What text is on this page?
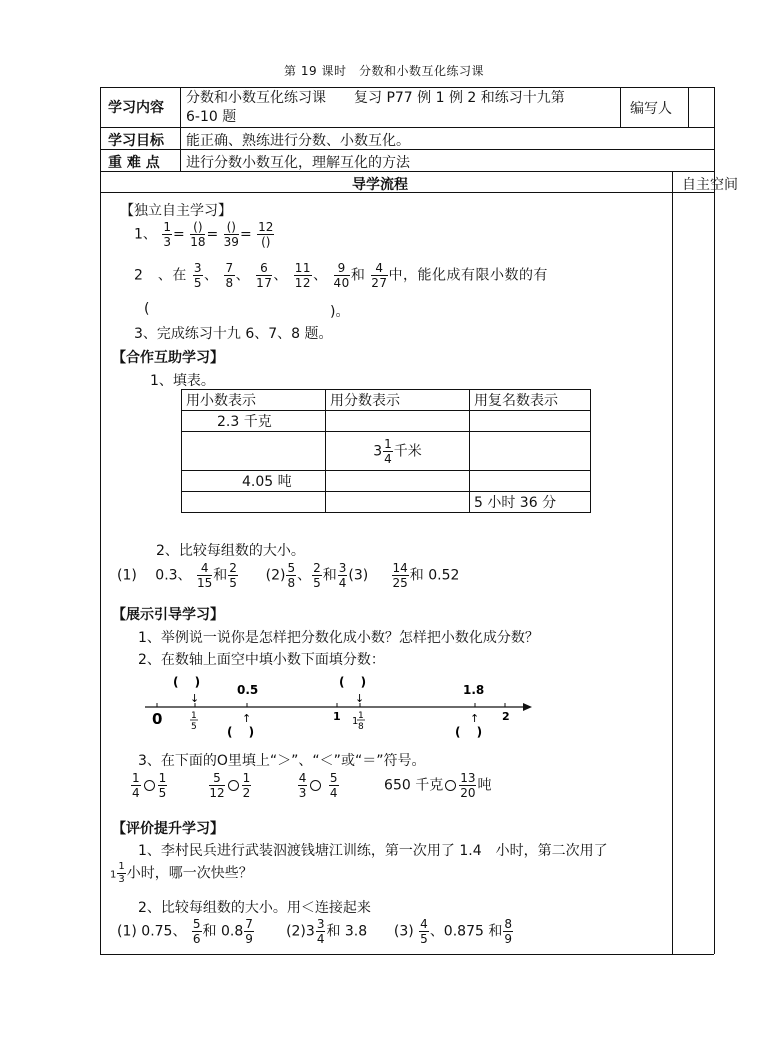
第 19 课时　分数和小数互化练习课
学习内容
分数和小数互化练习课　　复习 P77 例 1 例 2 和练习十九第
6-10 题	编写人
学习目标 能正确、熟练进行分数、小数互化。
重 难 点 进行分数小数互化，理解互化的方法
导学流程	自主空间
【独立自主学习】
1、 $\frac{1}{3} = \frac{()}{18} = \frac{()}{39} = \frac{12}{()}$
2　、在 $\frac{3}{5}$ 、 $\frac{7}{8}$ 、 $\frac{6}{17}$ 、 $\frac{11}{12}$ 、 $\frac{9}{40}$ 和 $\frac{4}{27}$ 中，能化成有限小数的有
(	)。
3、完成练习十九 6、7、8 题。
【合作互助学习】
1、填表。
用小数表示	用分数表示	用复名数表示
2.3 千克		
	$3 \frac{1}{4}$ 千米	
4.05 吨		
		5 小时 36 分
2、比较每组数的大小。
(1)　 0.3、 $\frac{4}{15}$ 和 $\frac{2}{5} (2) \frac{5}{8}$ 、 $\frac{2}{5}$ 和 $\frac{3}{4} (3) \frac{14}{25}$ 和 0.52
【展示引导学习】
1、举例说一说你是怎样把分数化成小数？怎样把小数化成分数？
2、在数轴上面空中填小数下面填分数：
(　 )
0.5
(　 )
1.8
↓	↓
↑	↑
0	1	2
(　 )	(　 )
1
5	1 1
8
3、在下面的O里填上“＞”、“＜”或“＝”符号。
$\frac{1}{4} \frac{1}{5}$
	$\frac{5}{12} \frac{1}{2}$
	$\frac{4}{3}$
$\frac{5}{4}$	650 千克 $\frac{13}{20}$ 吨
【评价提升学习】
1、李村民兵进行武装泅渡钱塘江训练，第一次用了 1.4　小时，第二次用了
$1 \frac{1}{3}$ 小时，哪一次快些？
2、比较每组数的大小。用＜连接起来
(1) 0.75、 $\frac{5}{6}$ 和 $0.8 \frac{7}{9} (2)3 \frac{3}{4}$ 和 3.8 $(3) \frac{4}{5}$ 、0.875 和 $\frac{8}{9}$
